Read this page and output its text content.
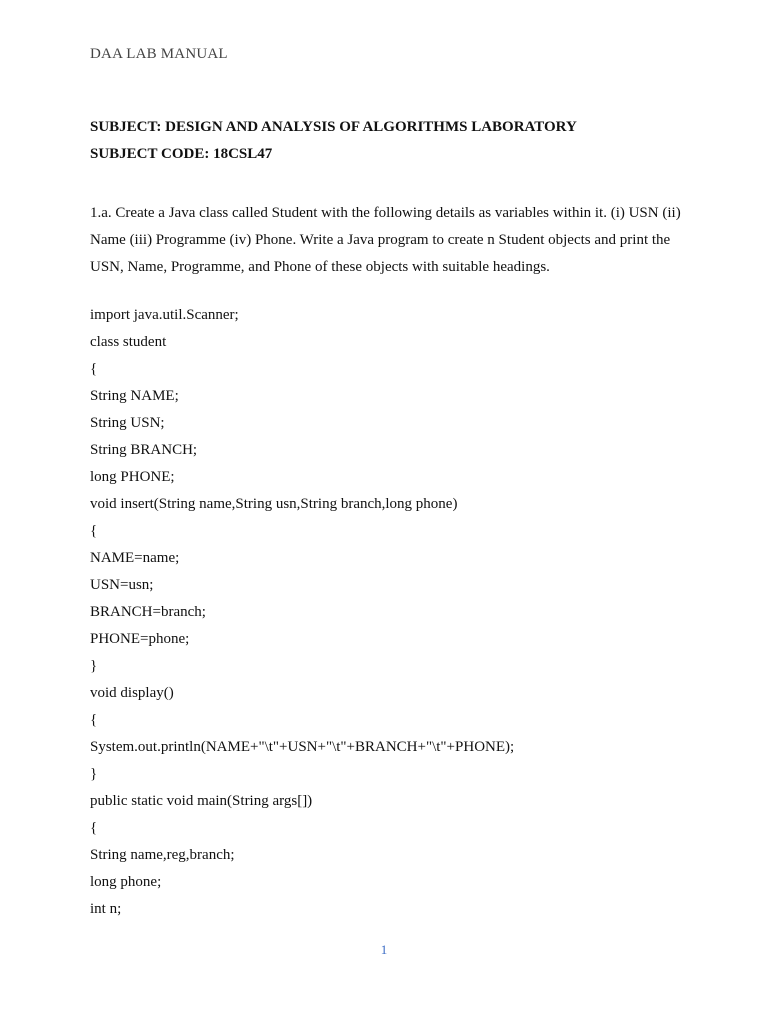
DAA LAB MANUAL
SUBJECT: DESIGN AND ANALYSIS OF ALGORITHMS LABORATORY
SUBJECT CODE: 18CSL47
1.a. Create a Java class called Student with the following details as variables within it. (i) USN (ii) Name (iii) Programme (iv) Phone. Write a Java program to create n Student objects and print the USN, Name, Programme, and Phone of these objects with suitable headings.
import java.util.Scanner;
class student
{
String NAME;
String USN;
String BRANCH;
long PHONE;
void insert(String name,String usn,String branch,long phone)
{
NAME=name;
USN=usn;
BRANCH=branch;
PHONE=phone;
}
void display()
{
System.out.println(NAME+"\t"+USN+"\t"+BRANCH+"\t"+PHONE);
}
public static void main(String args[])
{
String name,reg,branch;
long phone;
int n;
1
